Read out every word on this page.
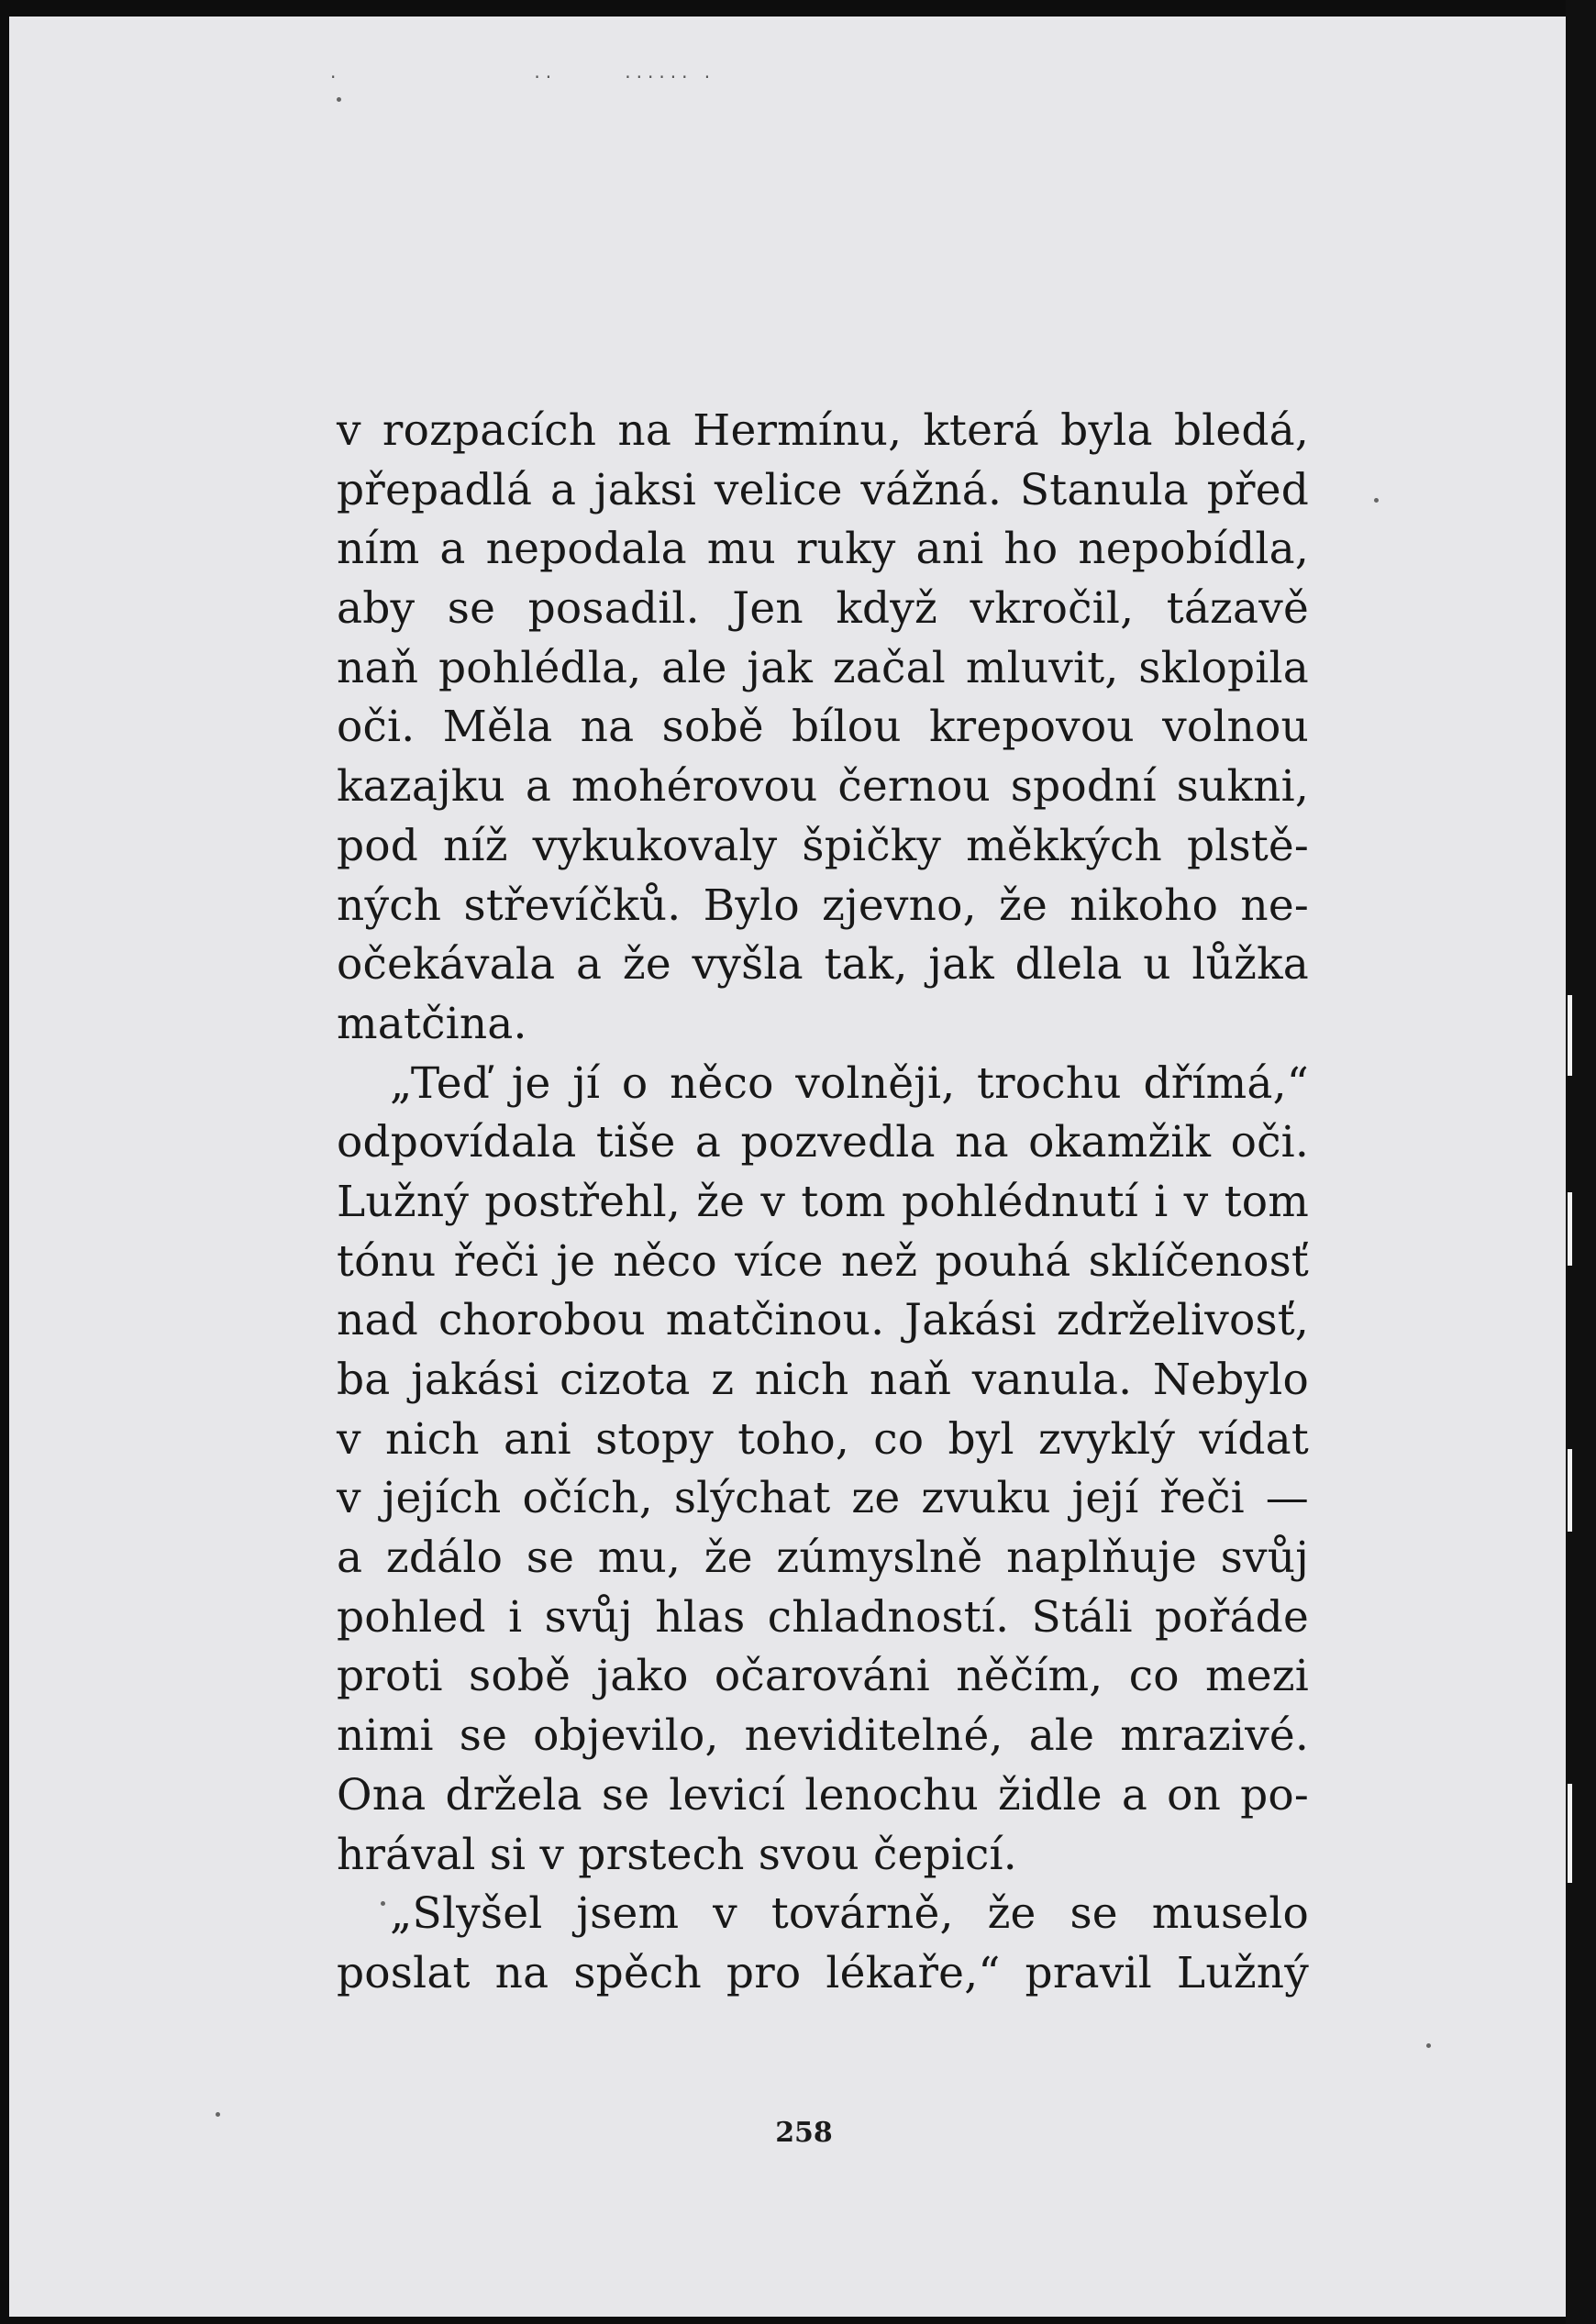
·                 ··      ······ ·
v rozpacích na Hermínu, která byla bledá,
přepadlá a jaksi velice vážná. Stanula před
ním a nepodala mu ruky ani ho nepobídla,
aby se posadil. Jen když vkročil, tázavě
naň pohlédla, ale jak začal mluvit, sklopila
oči. Měla na sobě bílou krepovou volnou
kazajku a mohérovou černou spodní sukni,
pod níž vykukovaly špičky měkkých plstě-
ných střevíčků. Bylo zjevno, že nikoho ne-
očekávala a že vyšla tak, jak dlela u lůžka
matčina.
„Teď je jí o něco volněji, trochu dřímá,“
odpovídala tiše a pozvedla na okamžik oči.
Lužný postřehl, že v tom pohlédnutí i v tom
tónu řeči je něco více než pouhá sklíčenosť
nad chorobou matčinou. Jakási zdrželivosť,
ba jakási cizota z nich naň vanula. Nebylo
v nich ani stopy toho, co byl zvyklý vídat
v jejích očích, slýchat ze zvuku její řeči —
a zdálo se mu, že zúmyslně naplňuje svůj
pohled i svůj hlas chladností. Stáli pořáde
proti sobě jako očarováni něčím, co mezi
nimi se objevilo, neviditelné, ale mrazivé.
Ona držela se levicí lenochu židle a on po-
hrával si v prstech svou čepicí.
„Slyšel jsem v továrně, že se muselo
poslat na spěch pro lékaře,“ pravil Lužný
258
